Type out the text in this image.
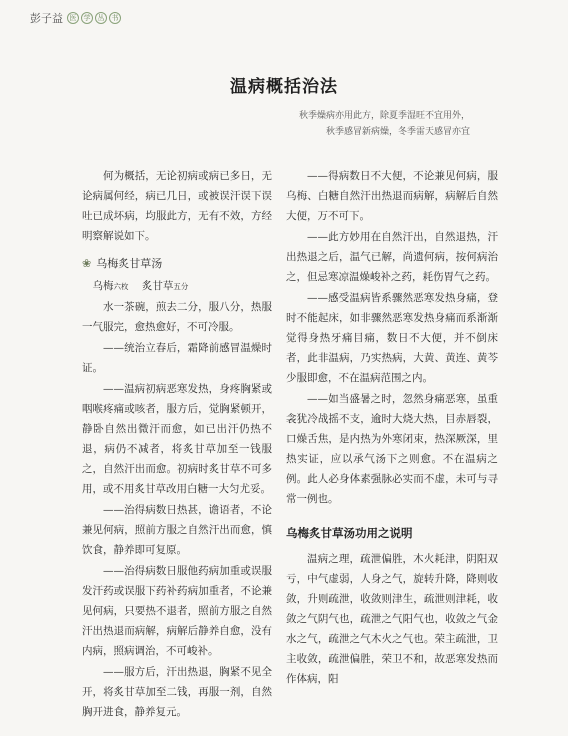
彭子益 医	学	丛	书
温病概括治法
秋季燥病亦用此方，除夏季湿旺不宜用外，
秋季感冒新病燥，冬季雷天感冒亦宜

何为概括，无论初病或病已多日，无论病属何经，病已几日，或被误汗误下误吐已成坏病，均服此方，无有不效，方经明察解说如下。

❀ 乌梅炙甘草汤
乌梅六枚 炙甘草五分

水一茶碗，煎去二分，服八分，热服一气服完，愈热愈好，不可冷服。

——统治立春后，霜降前感冒温燥时证。

——温病初病恶寒发热，身疼胸紧或咽喉疼痛或咳者，服方后，觉胸紧顿开，静卧自然出微汗而愈，如已出汗仍热不退，病仍不减者，将炙甘草加至一钱服之，自然汗出而愈。初病时炙甘草不可多用，或不用炙甘草改用白糖一大匀尤妥。

——治得病数日热甚，谵语者，不论兼见何病，照前方服之自然汗出而愈，慎饮食，静养即可复原。

——治得病数日服他药病加重或误服发汗药或误服下药补药病加重者，不论兼见何病，只要热不退者，照前方服之自然汗出热退而病解，病解后静养自愈，没有内病，照病调治，不可峻补。

——服方后，汗出热退，胸紧不见全开，将炙甘草加至二钱，再服一剂，自然胸开进食，静养复元。

——得病数日不大便，不论兼见何病，服乌梅、白糖自然汗出热退而病解，病解后自然大便，万不可下。

——此方妙用在自然汗出，自然退热，汗出热退之后，温气已解，尚遗何病，按何病治之，但忌寒凉温燥峻补之药，耗伤胃气之药。

——感受温病皆系骤然恶寒发热身痛，登时不能起床，如非骤然恶寒发热身痛而系渐渐觉得身热牙痛目痛，数日不大便，并不倒床者，此非温病，乃实热病，大黄、黄连、黄芩少服即愈，不在温病范围之内。

——如当盛暑之时，忽然身痛恶寒，虽重衾犹冷战摇不支，逾时大烧大热，目赤唇裂，口燥舌焦，是内热为外寒闭束，热深厥深，里热实证，应以承气汤下之则愈。不在温病之例。此人必身体素强脉必实而不虚，未可与寻常一例也。

乌梅炙甘草汤功用之说明

温病之理，疏泄偏胜，木火耗津，阴阳双亏，中气虚弱，人身之气，旋转升降，降则收敛，升则疏泄，收敛则津生，疏泄则津耗，收敛之气阴气也，疏泄之气阳气也，收敛之气金水之气，疏泄之气木火之气也。荣主疏泄，卫主收敛，疏泄偏胜，荣卫不和，故恶寒发热而作体病，阳
